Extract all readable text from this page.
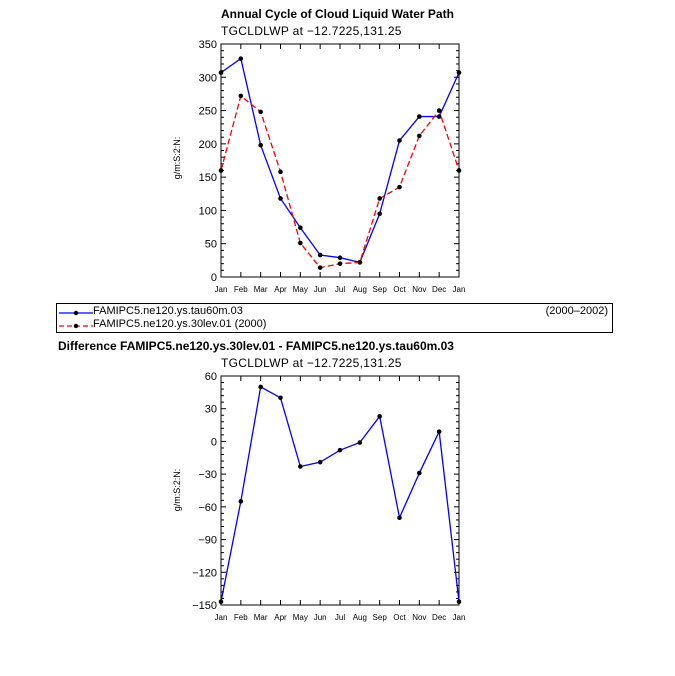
Annual Cycle of Cloud Liquid Water Path
TGCLDLWP at −12.7225,131.25
g/m:S:2:N:
0
50
100
150
200
250
300
350
Jan Feb Mar Apr May Jun Jul Aug Sep Oct Nov Dec Jan
FAMIPC5.ne120.ys.tau60m.03
FAMIPC5.ne120.ys.30lev.01 (2000)
(2000–2002)
Difference FAMIPC5.ne120.ys.30lev.01 - FAMIPC5.ne120.ys.tau60m.03
TGCLDLWP at −12.7225,131.25
g/m:S:2:N:
−150
−120
−90
−60
−30
0
30
60
Jan Feb Mar Apr May Jun Jul Aug Sep Oct Nov Dec Jan
